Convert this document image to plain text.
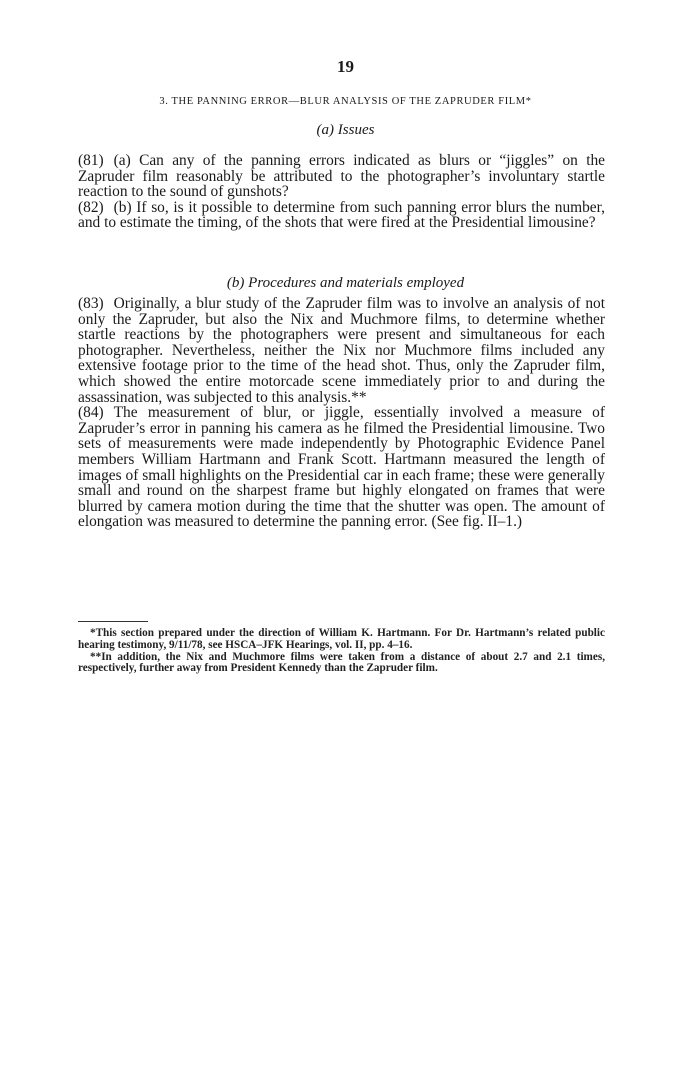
19
3. THE PANNING ERROR—BLUR ANALYSIS OF THE ZAPRUDER FILM*
(a) Issues

(81) (a) Can any of the panning errors indicated as blurs or “jiggles” on the Zapruder film reasonably be attributed to the photographer’s involuntary startle reaction to the sound of gunshots?

(82) (b) If so, is it possible to determine from such panning error blurs the number, and to estimate the timing, of the shots that were fired at the Presidential limousine?

(b) Procedures and materials employed

(83) Originally, a blur study of the Zapruder film was to involve an analysis of not only the Zapruder, but also the Nix and Muchmore films, to determine whether startle reactions by the photographers were present and simultaneous for each photographer. Nevertheless, neither the Nix nor Muchmore films included any extensive footage prior to the time of the head shot. Thus, only the Zapruder film, which showed the entire motorcade scene immediately prior to and during the assassination, was subjected to this analysis.**

(84) The measurement of blur, or jiggle, essentially involved a measure of Zapruder’s error in panning his camera as he filmed the Presidential limousine. Two sets of measurements were made independently by Photographic Evidence Panel members William Hartmann and Frank Scott. Hartmann measured the length of images of small highlights on the Presidential car in each frame; these were generally small and round on the sharpest frame but highly elongated on frames that were blurred by camera motion during the time that the shutter was open. The amount of elongation was measured to determine the panning error. (See fig. II–1.)

*This section prepared under the direction of William K. Hartmann. For Dr. Hartmann’s related public hearing testimony, 9/11/78, see HSCA–JFK Hearings, vol. II, pp. 4–16.

**In addition, the Nix and Muchmore films were taken from a distance of about 2.7 and 2.1 times, respectively, further away from President Kennedy than the Zapruder film.
